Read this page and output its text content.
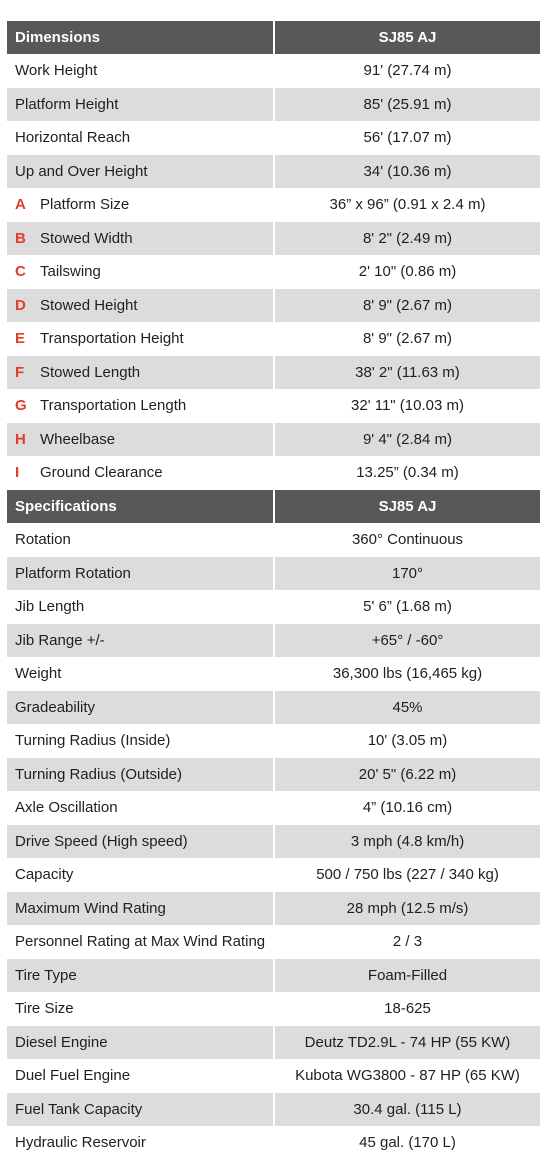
Dimensions	SJ85 AJ
Work Height	91' (27.74 m)
Platform Height	85' (25.91 m)
Horizontal Reach	56' (17.07 m)
Up and Over Height	34' (10.36 m)
A Platform Size	36” x 96” (0.91 x 2.4 m)
B Stowed Width	8' 2" (2.49 m)
C Tailswing	2' 10" (0.86 m)
D Stowed Height	8' 9" (2.67 m)
E Transportation Height	8' 9" (2.67 m)
F Stowed Length	38' 2" (11.63 m)
G Transportation Length	32' 11" (10.03 m)
H Wheelbase	9' 4" (2.84 m)
I Ground Clearance	13.25” (0.34 m)
Specifications	SJ85 AJ
Rotation	360° Continuous
Platform Rotation	170°
Jib Length	5' 6” (1.68 m)
Jib Range +/-	+65° / -60°
Weight	36,300 lbs (16,465 kg)
Gradeability	45%
Turning Radius (Inside)	10' (3.05 m)
Turning Radius (Outside)	20' 5" (6.22 m)
Axle Oscillation	4” (10.16 cm)
Drive Speed (High speed)	3 mph (4.8 km/h)
Capacity	500 / 750 lbs (227 / 340 kg)
Maximum Wind Rating	28 mph (12.5 m/s)
Personnel Rating at Max Wind Rating	2 / 3
Tire Type	Foam-Filled
Tire Size	18-625
Diesel Engine	Deutz TD2.9L - 74 HP (55 KW)
Duel Fuel Engine	Kubota WG3800 - 87 HP (65 KW)
Fuel Tank Capacity	30.4 gal. (115 L)
Hydraulic Reservoir	45 gal. (170 L)
